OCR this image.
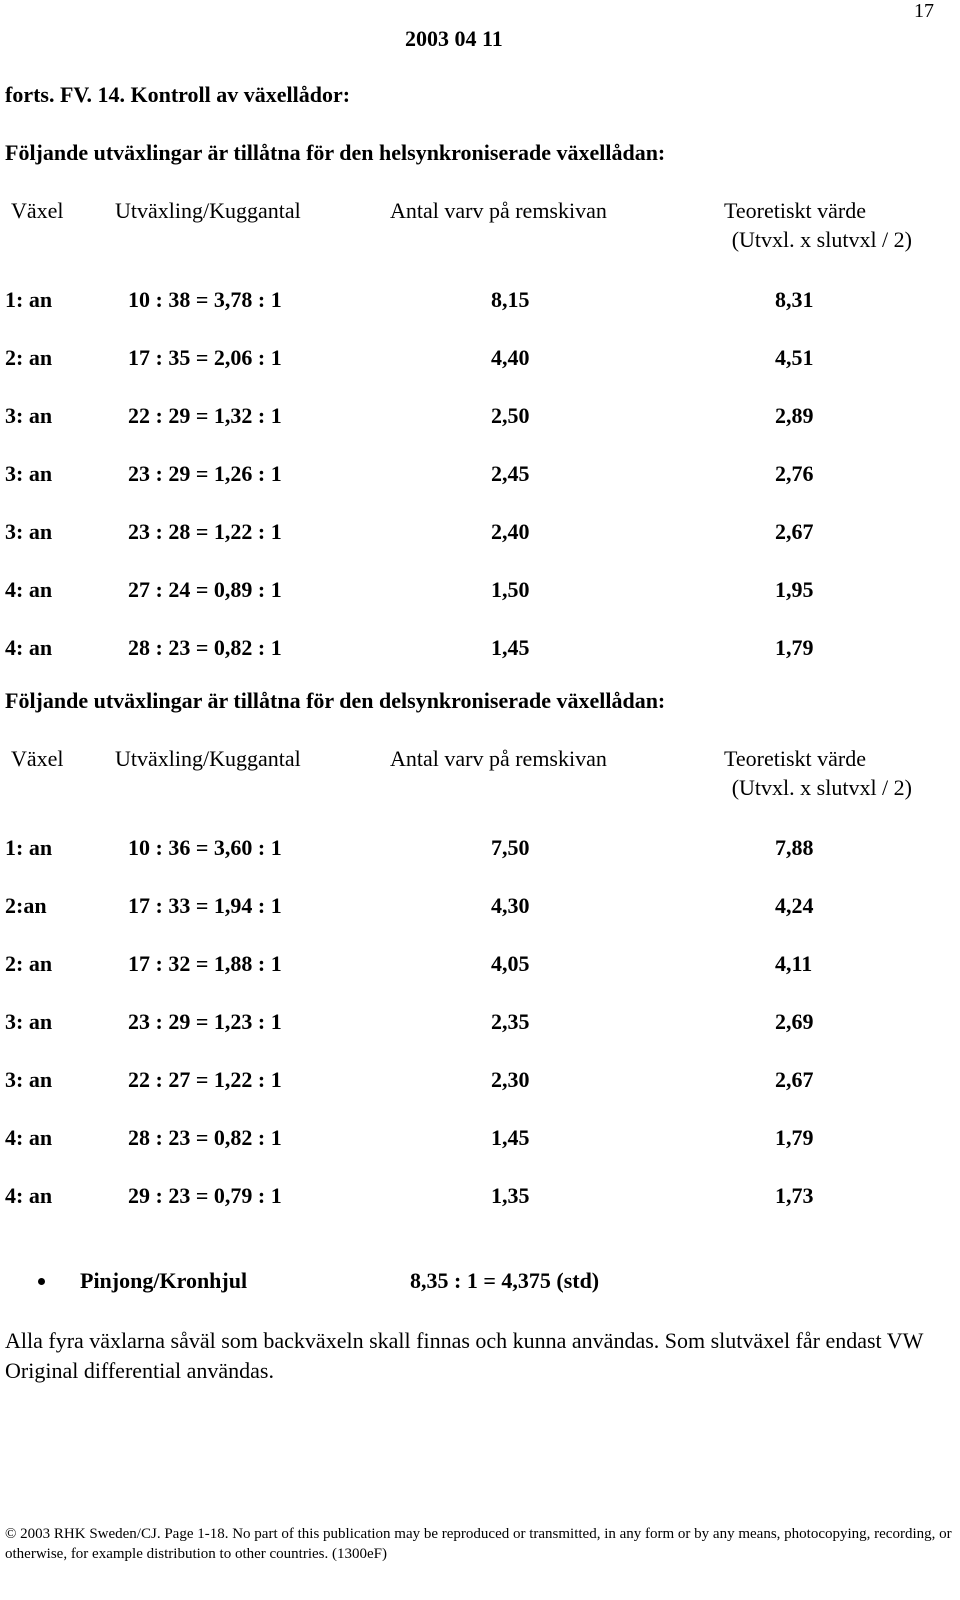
17
2003 04 11
forts. FV. 14. Kontroll av växellådor:
Följande utväxlingar är tillåtna för den helsynkroniserade växellådan:
Växel Utväxling/Kuggantal	Antal varv på remskivan	Teoretiskt värde
(Utvxl. x slutvxl / 2)
1: an	10 : 38 = 3,78 : 1	8,15	8,31
2: an	17 : 35 = 2,06 : 1	4,40	4,51
3: an	22 : 29 = 1,32 : 1	2,50	2,89
3: an	23 : 29 = 1,26 : 1	2,45	2,76
3: an	23 : 28 = 1,22 : 1	2,40	2,67
4: an	27 : 24 = 0,89 : 1	1,50	1,95
4: an	28 : 23 = 0,82 : 1	1,45	1,79
Följande utväxlingar är tillåtna för den delsynkroniserade växellådan:
Växel Utväxling/Kuggantal	Antal varv på remskivan	Teoretiskt värde
(Utvxl. x slutvxl / 2)
1: an	10 : 36 = 3,60 : 1	7,50	7,88
2:an	17 : 33 = 1,94 : 1	4,30	4,24
2: an	17 : 32 = 1,88 : 1	4,05	4,11
3: an	23 : 29 = 1,23 : 1	2,35	2,69
3: an	22 : 27 = 1,22 : 1	2,30	2,67
4: an	28 : 23 = 0,82 : 1	1,45	1,79
4: an	29 : 23 = 0,79 : 1	1,35	1,73
Pinjong/Kronhjul	8,35 : 1 = 4,375 (std)
Alla fyra växlarna såväl som backväxeln skall finnas och kunna användas. Som slutväxel får endast VW Original differential användas.
© 2003 RHK Sweden/CJ. Page 1-18. No part of this publication may be reproduced or transmitted, in any form or by any means, photocopying, recording, or otherwise, for example distribution to other countries. (1300eF)
